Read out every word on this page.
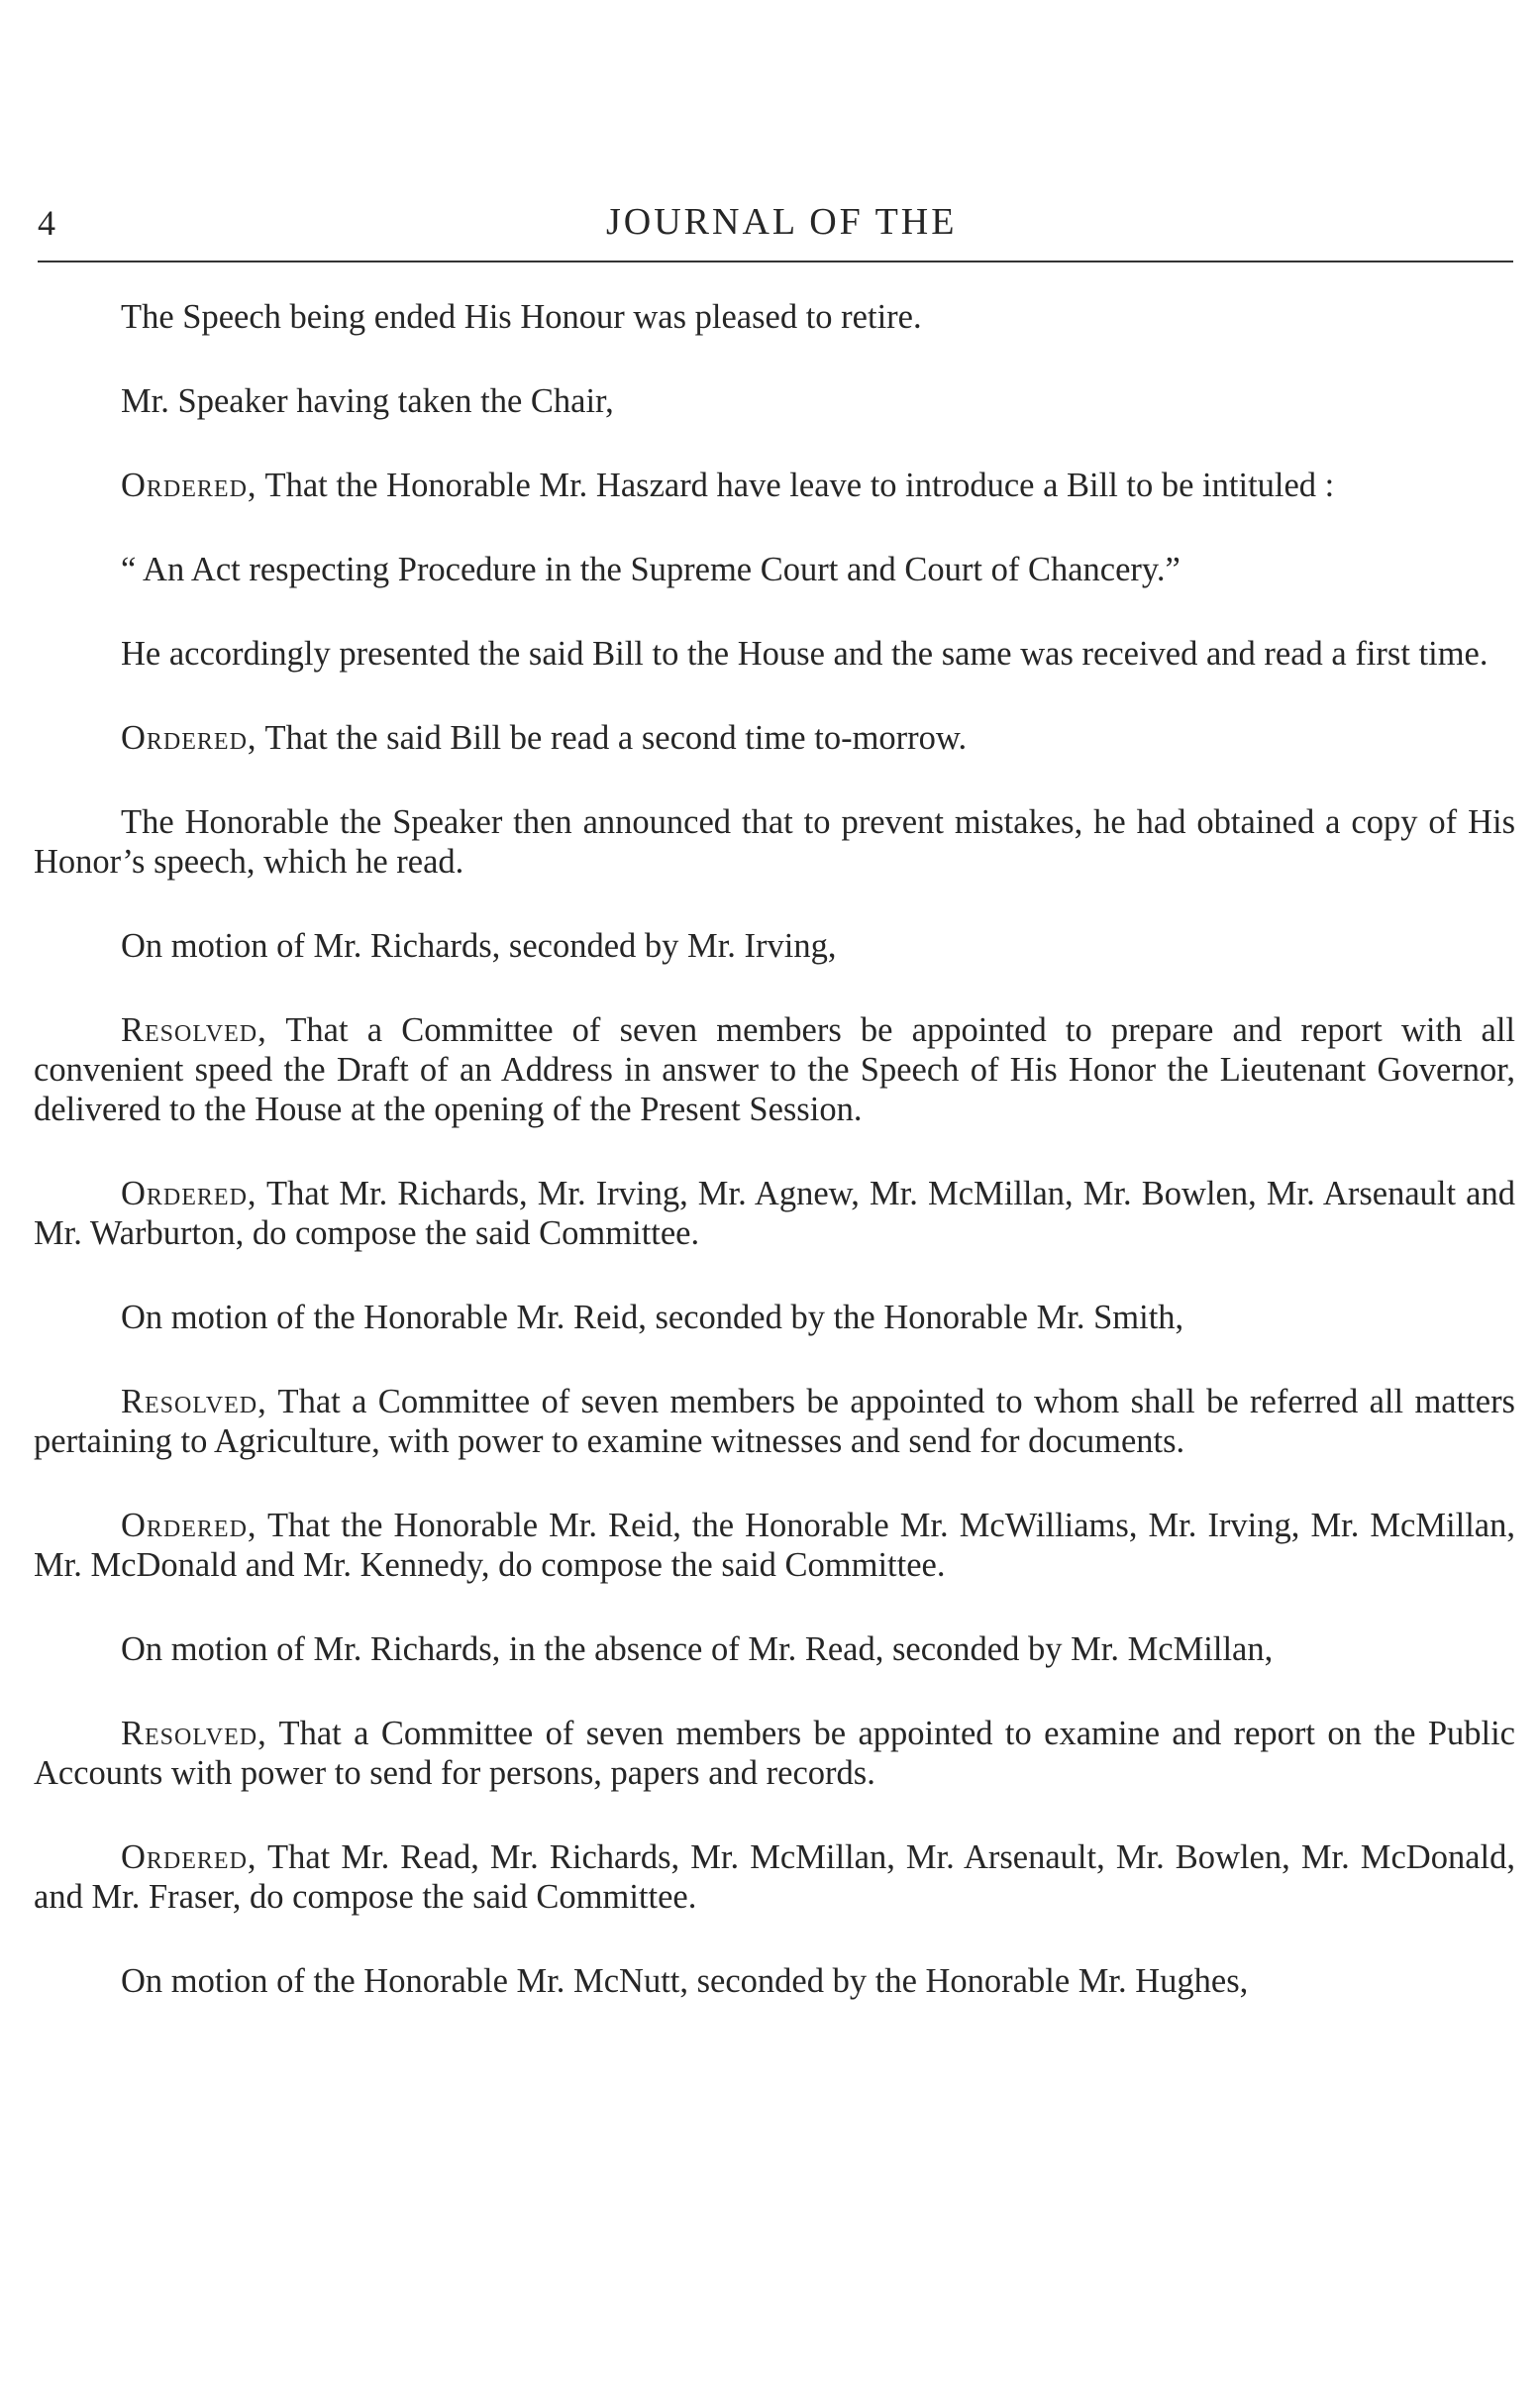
4	JOURNAL OF THE

The Speech being ended His Honour was pleased to retire.

Mr. Speaker having taken the Chair,

Ordered, That the Honorable Mr. Haszard have leave to introduce a Bill to be intituled :

“ An Act respecting Procedure in the Supreme Court and Court of Chancery.”

He accordingly presented the said Bill to the House and the same was received and read a first time.

Ordered, That the said Bill be read a second time to-morrow.

The Honorable the Speaker then announced that to prevent mistakes, he had obtained a copy of His Honor’s speech, which he read.

On motion of Mr. Richards, seconded by Mr. Irving,

Resolved, That a Committee of seven members be appointed to prepare and report with all convenient speed the Draft of an Address in answer to the Speech of His Honor the Lieutenant Governor, delivered to the House at the opening of the Present Session.

Ordered, That Mr. Richards, Mr. Irving, Mr. Agnew, Mr. McMillan, Mr. Bowlen, Mr. Arsenault and Mr. Warburton, do compose the said Committee.

On motion of the Honorable Mr. Reid, seconded by the Honorable Mr. Smith,

Resolved, That a Committee of seven members be appointed to whom shall be referred all matters pertaining to Agriculture, with power to examine witnesses and send for documents.

Ordered, That the Honorable Mr. Reid, the Honorable Mr. McWilliams, Mr. Irving, Mr. McMillan, Mr. McDonald and Mr. Kennedy, do compose the said Committee.

On motion of Mr. Richards, in the absence of Mr. Read, seconded by Mr. McMillan,

Resolved, That a Committee of seven members be appointed to examine and report on the Public Accounts with power to send for persons, papers and records.

Ordered, That Mr. Read, Mr. Richards, Mr. McMillan, Mr. Arsenault, Mr. Bowlen, Mr. McDonald, and Mr. Fraser, do compose the said Committee.

On motion of the Honorable Mr. McNutt, seconded by the Honorable Mr. Hughes,
